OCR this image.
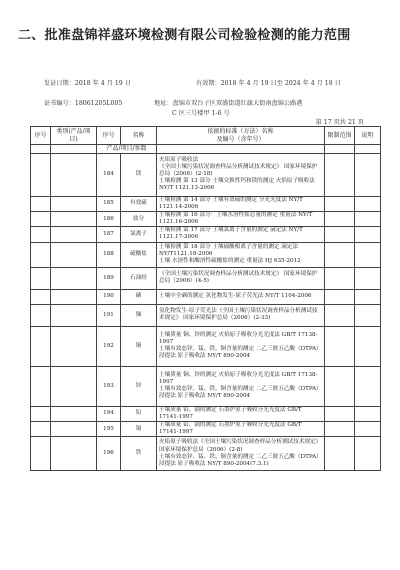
二、批准盘锦祥盛环境检测有限公司检验检测的能力范围
发证日期：2018 年 4 月 19 日	有效期：2018 年 4 月 19 日至 2024 年 4 月 18 日
证书编号：18061205L005	地址：盘锦市双台子区双盛街道红旗大街南盘锦公路港
C 区三号楼甲 1-6 号
第 17 页共 21 页
序号	类别(产品/项目)	序号	名称	依据的标准（方法）名称
及编号（含年号）	限制范围	说明
		产品/项目/参数				

		184	镁	火焰原子吸收法
《全国土壤污染状况调查样品分析测试技术规定》 国家环境保护总局（2006）(2-18)
土壤检测 第 13 部分 土壤交换性钙和镁的测定 火焰原子吸收法 NY/T 1121.13-2006		

		185	有效硫	土壤检测 第 14 部分 土壤有效硫的测定 分光光度法 NY/T 1121.14-2006		

		186	盐分	土壤检测 第 16 部分：土壤水溶性盐总量的测定 重量法 NY/T 1121.16-2006		

		187	氯离子	土壤检测 第 17 部分 土壤氯离子含量的测定 滴定法 NY/T 1121.17-2006		

		188	硫酸盐	土壤检测 第 18 部分 土壤硫酸根离子含量的测定 滴定法 NY/T1121.18-2006
土壤 水溶性和酸溶性硫酸盐的测定 重量法 HJ 635-2012		

		189	石油烃	《全国土壤污染状况调查样品分析测试技术规定》 国家环境保护总局（2006）(4-5)		

		190	硒	土壤中全硒的测定 氢化物发生-原子荧光法 NY/T 1104-2006		

		191	锑	氢化物发生-原子荧光法《全国土壤污染状况调查样品分析测试技术规定》 国家环境保护总局（2006）(2-33)		

		192	铜	土壤质量 铜、锌的测定 火焰原子吸收分光光度法 GB/T 17138-1997
土壤有效态锌、锰、铁、铜含量的测定 二乙三胺五乙酸（DTPA）浸提法 原子吸收法 NY/T 890-2004		

		193	锌	土壤质量 铜、锌的测定 火焰原子吸收分光光度法 GB/T 17138-1997
土壤有效态锌、锰、铁、铜含量的测定 二乙三胺五乙酸（DTPA）浸提法 原子吸收法 NY/T 890-2004		

		194	铅	土壤质量 铅、镉的测定 石墨炉原子吸收分光光度法 GB/T 17141-1997		

		195	镉	土壤质量 铅、镉的测定 石墨炉原子吸收分光光度法 GB/T 17141-1997		

		196	铁	火焰原子吸收法《全国土壤污染状况调查样品分析测试技术规定》 国家环境保护总局（2006）(2-8)
土壤有效态锌、锰、铁、铜含量的测定 二乙三胺五乙酸（DTPA）浸提法 原子吸收法 NY/T 890-2004(7.3.1)		
